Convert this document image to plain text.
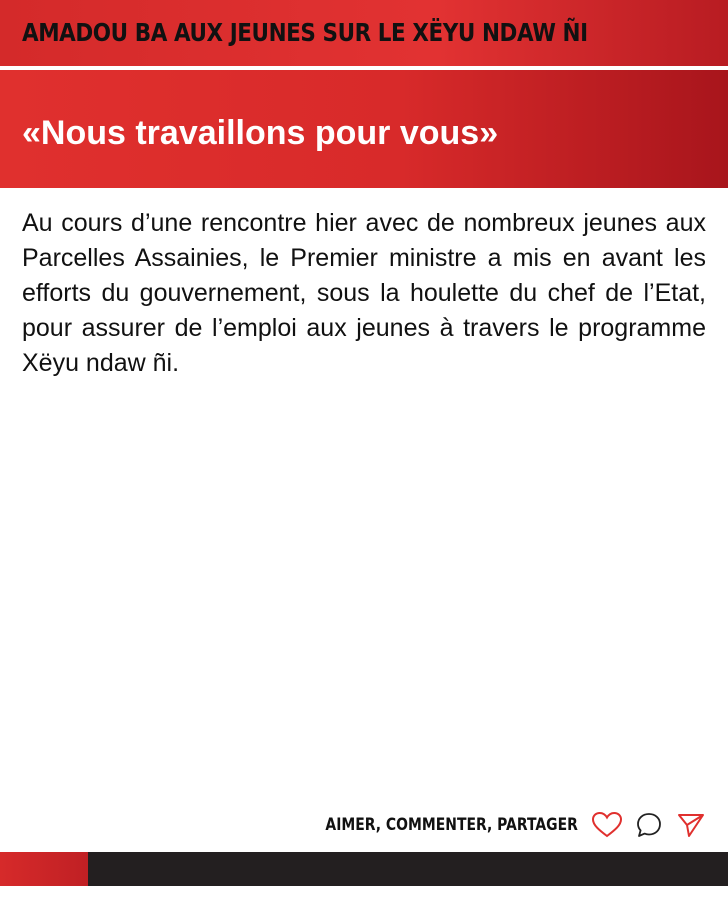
AMADOU BA AUX JEUNES SUR LE XËYU NDAW ÑI
«Nous travaillons pour vous»

Au cours d’une rencontre hier avec de nombreux jeunes aux Parcelles Assainies, le Premier ministre a mis en avant les efforts du gouvernement, sous la houlette du chef de l’Etat, pour assurer de l’emploi aux jeunes à travers le programme Xëyu ndaw ñi.

AIMER, COMMENTER, PARTAGER
